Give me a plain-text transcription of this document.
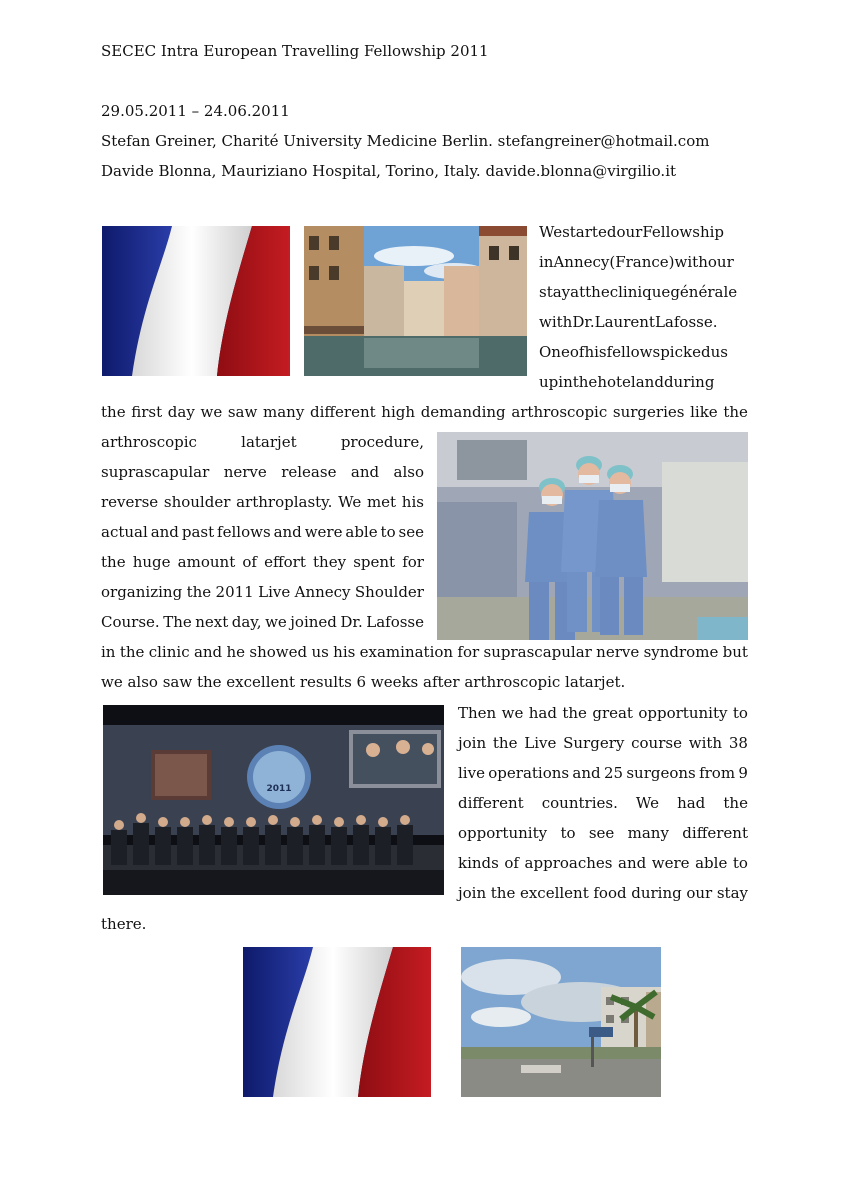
SECEC Intra European Travelling Fellowship 2011
29.05.2011 – 24.06.2011
Stefan Greiner, Charité University Medicine Berlin. stefangreiner@hotmail.com
Davide Blonna, Mauriziano Hospital, Torino, Italy. davide.blonna@virgilio.it
We started our Fellowship
in Annecy (France) with our
stay at the clinique générale
with Dr. Laurent Lafosse.
One of his fellows picked us
up in the hotel and during
the first day we saw many different high demanding arthroscopic surgeries like the
arthroscopic	latarjet	procedure,
suprascapular nerve release and also
reverse shoulder arthroplasty. We met his
actual and past fellows and were able to see
the huge amount of effort they spent for
organizing the 2011 Live Annecy Shoulder
Course. The next day, we joined Dr. Lafosse
in the clinic and he showed us his examination for suprascapular nerve syndrome but
we also saw the excellent results 6 weeks after arthroscopic latarjet.
2011
Then we had the great opportunity to
join the Live Surgery course with 38
live operations and 25 surgeons from 9
different countries. We had the
opportunity to see many different
kinds of approaches and were able to
join the excellent food during our stay
there.
